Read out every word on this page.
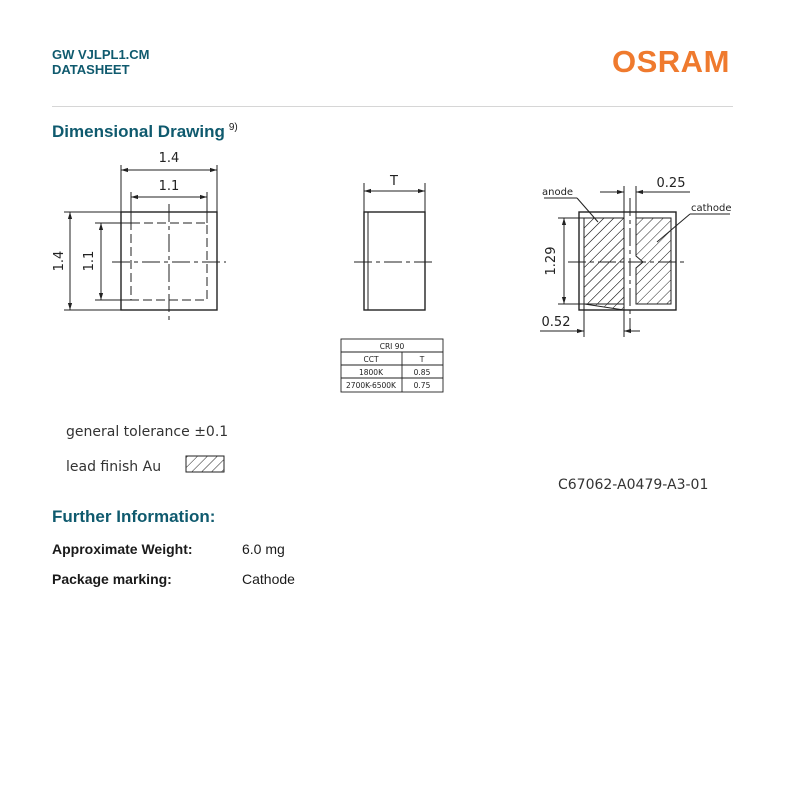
GW VJLPL1.CM
DATASHEET	OSRAM
Dimensional Drawing $^{9)}$
1.4
1.1
1.4 1.1
T	0.25
1.29
0.52
anode
cathode
CRI 90
CCT	T
1800K	0.85
2700K-6500K 0.75
general tolerance ±0.1
lead finish Au
C67062-A0479-A3-01
Further Information:
Approximate Weight:	6.0 mg
Package marking:	Cathode
